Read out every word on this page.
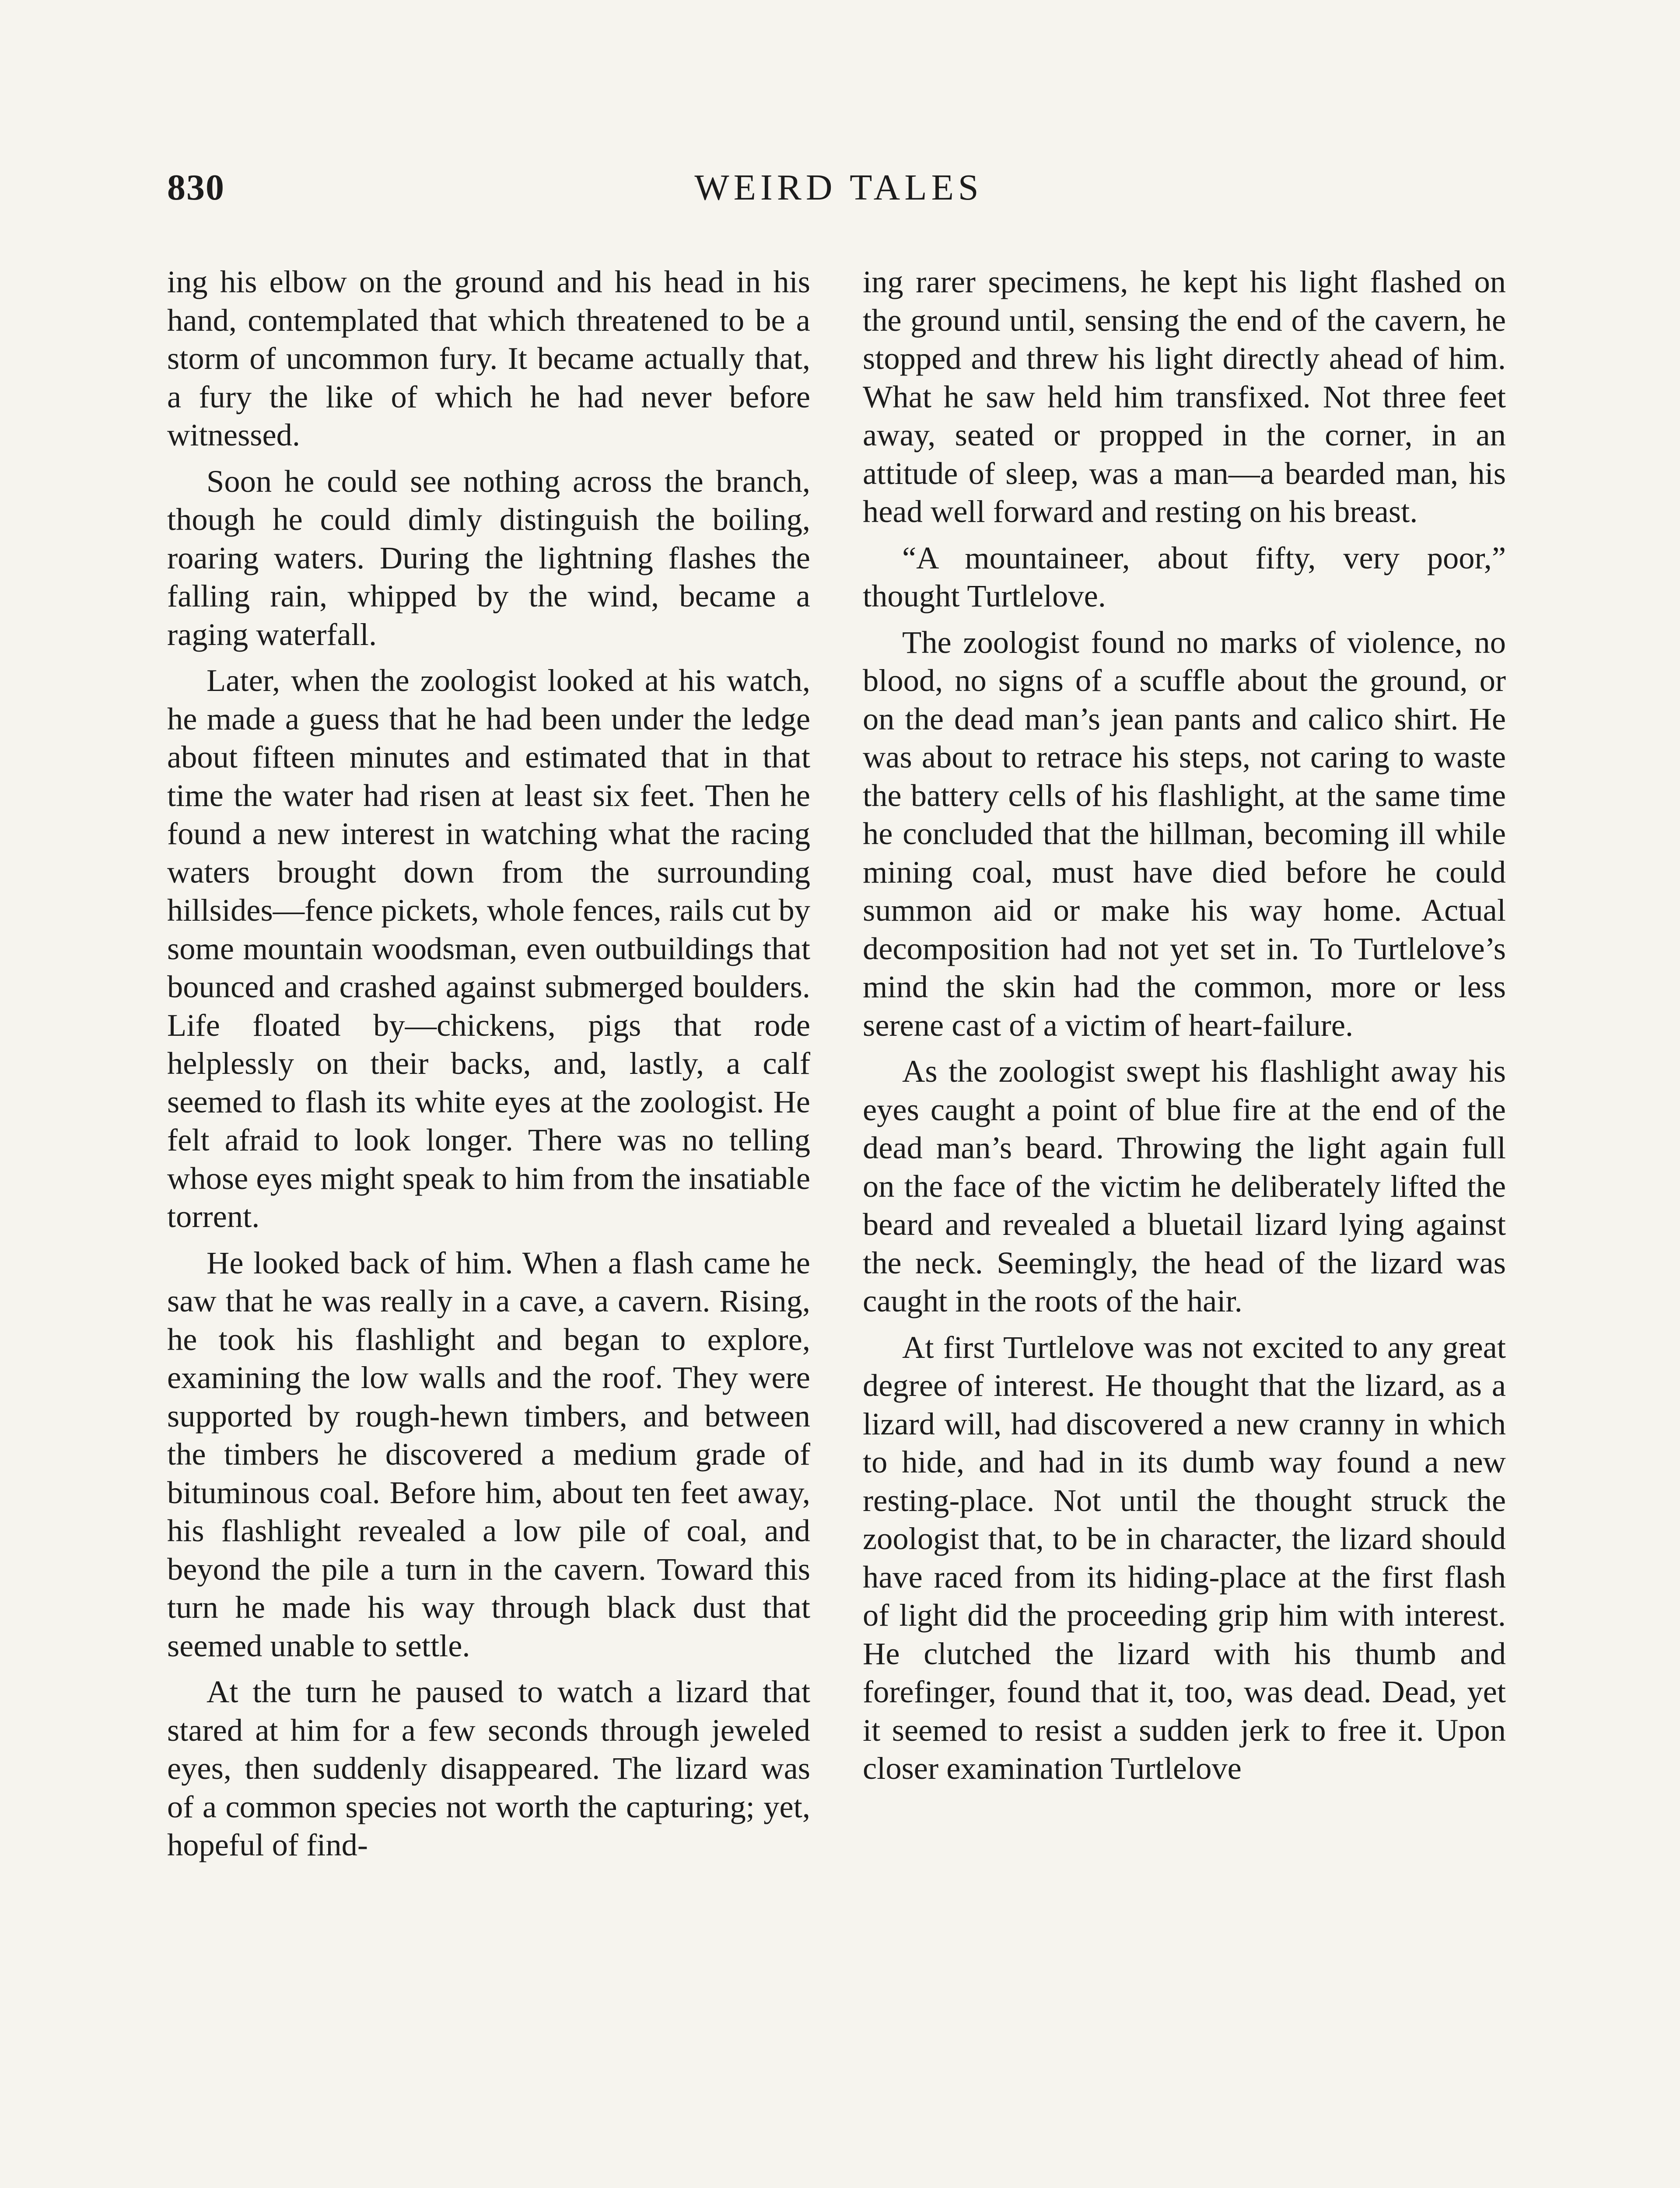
830	WEIRD TALES

ing his elbow on the ground and his head in his hand, contemplated that which threatened to be a storm of uncommon fury. It became actually that, a fury the like of which he had never before witnessed.

Soon he could see nothing across the branch, though he could dimly distinguish the boiling, roaring waters. During the lightning flashes the falling rain, whipped by the wind, became a raging waterfall.

Later, when the zoologist looked at his watch, he made a guess that he had been under the ledge about fifteen minutes and estimated that in that time the water had risen at least six feet. Then he found a new interest in watching what the racing waters brought down from the surrounding hillsides—fence pickets, whole fences, rails cut by some mountain woodsman, even outbuildings that bounced and crashed against submerged boulders. Life floated by—chickens, pigs that rode helplessly on their backs, and, lastly, a calf seemed to flash its white eyes at the zoologist. He felt afraid to look longer. There was no telling whose eyes might speak to him from the insatiable torrent.

He looked back of him. When a flash came he saw that he was really in a cave, a cavern. Rising, he took his flashlight and began to explore, examining the low walls and the roof. They were supported by rough-hewn timbers, and between the timbers he discovered a medium grade of bituminous coal. Before him, about ten feet away, his flashlight revealed a low pile of coal, and beyond the pile a turn in the cavern. Toward this turn he made his way through black dust that seemed unable to settle.

At the turn he paused to watch a lizard that stared at him for a few seconds through jeweled eyes, then suddenly disappeared. The lizard was of a common species not worth the capturing; yet, hopeful of find-

ing rarer specimens, he kept his light flashed on the ground until, sensing the end of the cavern, he stopped and threw his light directly ahead of him. What he saw held him transfixed. Not three feet away, seated or propped in the corner, in an attitude of sleep, was a man—a bearded man, his head well forward and resting on his breast.

“A mountaineer, about fifty, very poor,” thought Turtlelove.

The zoologist found no marks of violence, no blood, no signs of a scuffle about the ground, or on the dead man’s jean pants and calico shirt. He was about to retrace his steps, not caring to waste the battery cells of his flashlight, at the same time he concluded that the hillman, becoming ill while mining coal, must have died before he could summon aid or make his way home. Actual decomposition had not yet set in. To Turtlelove’s mind the skin had the common, more or less serene cast of a victim of heart-failure.

As the zoologist swept his flashlight away his eyes caught a point of blue fire at the end of the dead man’s beard. Throwing the light again full on the face of the victim he deliberately lifted the beard and revealed a bluetail lizard lying against the neck. Seemingly, the head of the lizard was caught in the roots of the hair.

At first Turtlelove was not excited to any great degree of interest. He thought that the lizard, as a lizard will, had discovered a new cranny in which to hide, and had in its dumb way found a new resting-place. Not until the thought struck the zoologist that, to be in character, the lizard should have raced from its hiding-place at the first flash of light did the proceeding grip him with interest. He clutched the lizard with his thumb and forefinger, found that it, too, was dead. Dead, yet it seemed to resist a sudden jerk to free it. Upon closer examination Turtlelove
